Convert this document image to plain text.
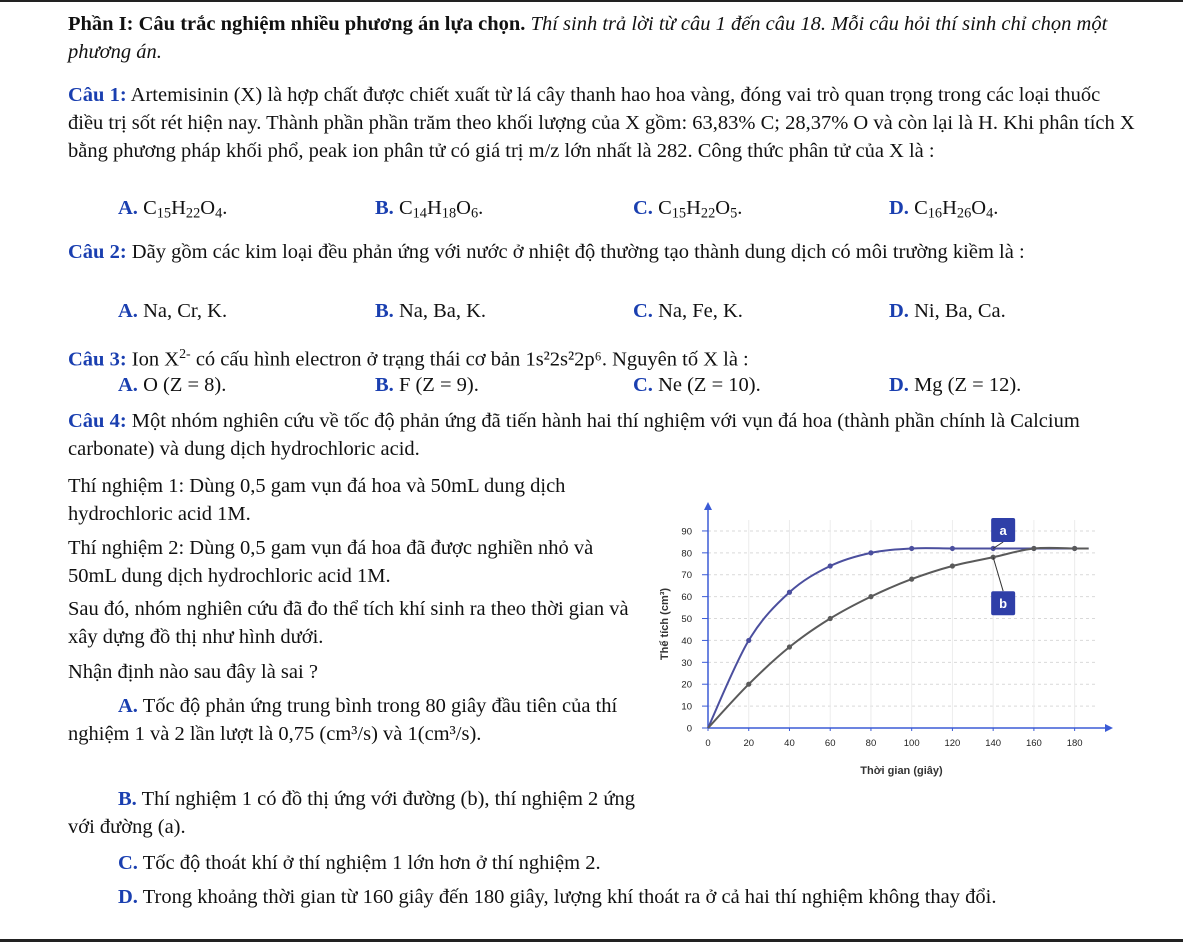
Phần I: Câu trắc nghiệm nhiều phương án lựa chọn. Thí sinh trả lời từ câu 1 đến câu 18. Mỗi câu hỏi thí sinh chỉ chọn một phương án.
Câu 1: Artemisinin (X) là hợp chất được chiết xuất từ lá cây thanh hao hoa vàng, đóng vai trò quan trọng trong các loại thuốc điều trị sốt rét hiện nay. Thành phần phần trăm theo khối lượng của X gồm: 63,83% C; 28,37% O và còn lại là H. Khi phân tích X bằng phương pháp khối phổ, peak ion phân tử có giá trị m/z lớn nhất là 282. Công thức phân tử của X là :
A. $C_{15}H_{22}O_4$.	B. $C_{14}H_{18}O_6$.	C. $C_{15}H_{22}O_5$.	D. $C_{16}H_{26}O_4$.
Câu 2: Dãy gồm các kim loại đều phản ứng với nước ở nhiệt độ thường tạo thành dung dịch có môi trường kiềm là :
A. Na, Cr, K.	B. Na, Ba, K.	C. Na, Fe, K.	D. Ni, Ba, Ca.
Câu 3: Ion $X^{2-}$ có cấu hình electron ở trạng thái cơ bản 1s²2s²2p⁶. Nguyên tố X là :
A. O (Z = 8).	B. F (Z = 9).	C. Ne (Z = 10).	D. Mg (Z = 12).
Câu 4: Một nhóm nghiên cứu về tốc độ phản ứng đã tiến hành hai thí nghiệm với vụn đá hoa (thành phần chính là Calcium carbonate) và dung dịch hydrochloric acid.
Thí nghiệm 1: Dùng 0,5 gam vụn đá hoa và 50mL dung dịch hydrochloric acid 1M.
Thí nghiệm 2: Dùng 0,5 gam vụn đá hoa đã được nghiền nhỏ và 50mL dung dịch hydrochloric acid 1M.
Sau đó, nhóm nghiên cứu đã đo thể tích khí sinh ra theo thời gian và xây dựng đồ thị như hình dưới.
Nhận định nào sau đây là sai ?
A. Tốc độ phản ứng trung bình trong 80 giây đầu tiên của thí nghiệm 1 và 2 lần lượt là 0,75 (cm³/s) và 1(cm³/s).
B. Thí nghiệm 1 có đồ thị ứng với đường (b), thí nghiệm 2 ứng với đường (a).
C. Tốc độ thoát khí ở thí nghiệm 1 lớn hơn ở thí nghiệm 2.
D. Trong khoảng thời gian từ 160 giây đến 180 giây, lượng khí thoát ra ở cả hai thí nghiệm không thay đổi.
0	20	40	60	80	100	120	140	160	180
0
10
20
30
40
50
60
70
80
90
Thời gian (giây)
Thể tích (cm³)
a
b
